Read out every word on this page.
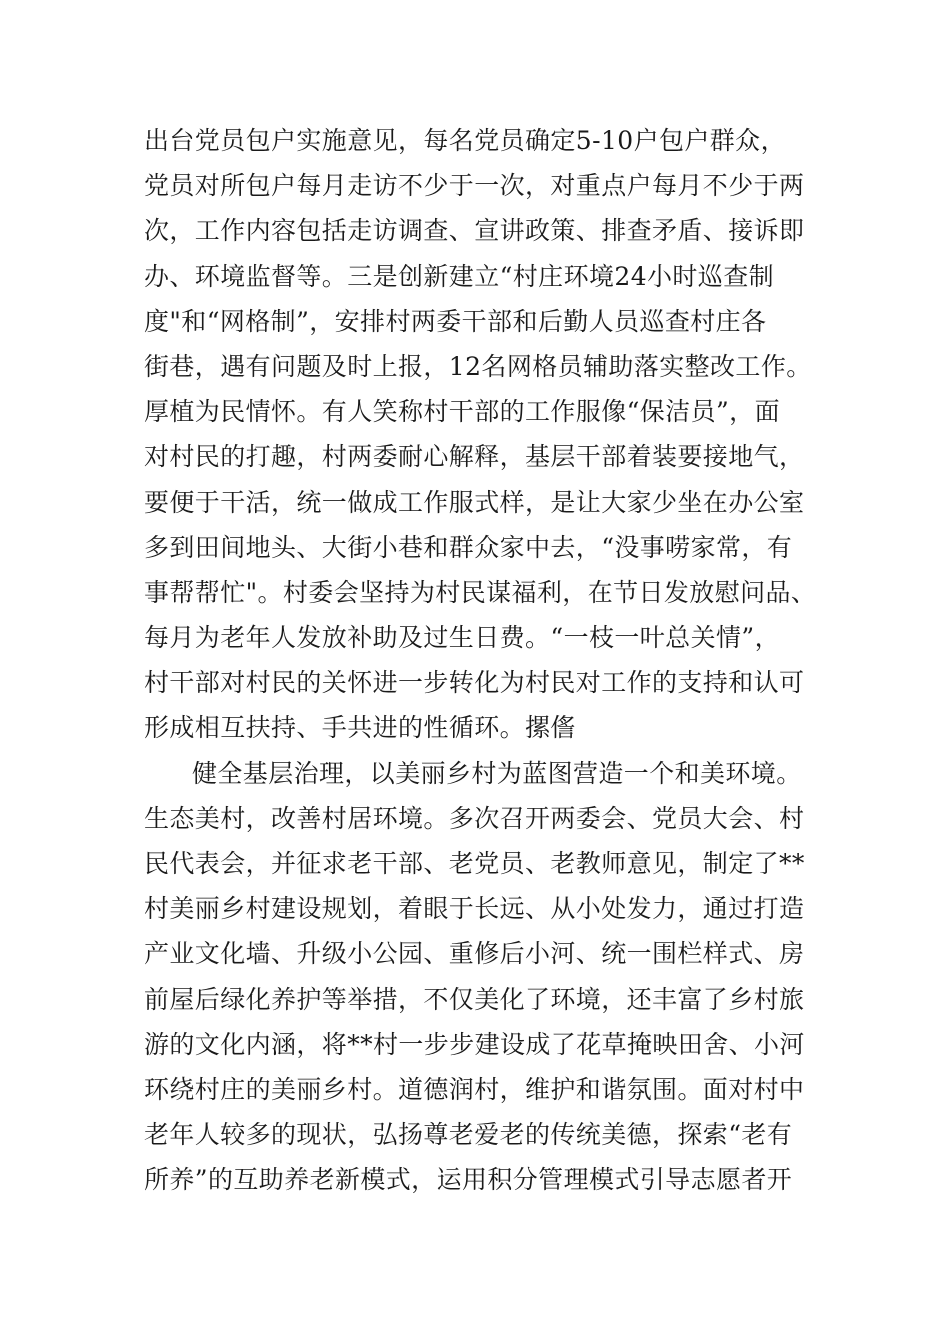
出台党员包户实施意见，每名党员确定5-10户包户群众，
党员对所包户每月走访不少于一次，对重点户每月不少于两
次，工作内容包括走访调查、宣讲政策、排查矛盾、接诉即
办、环境监督等。三是创新建立“村庄环境24小时巡查制
度"和“网格制”，安排村两委干部和后勤人员巡查村庄各
街巷，遇有问题及时上报，12名网格员辅助落实整改工作。
厚植为民情怀。有人笑称村干部的工作服像“保洁员”，面
对村民的打趣，村两委耐心解释，基层干部着装要接地气，
要便于干活，统一做成工作服式样，是让大家少坐在办公室
多到田间地头、大街小巷和群众家中去，“没事唠家常，有
事帮帮忙"。村委会坚持为村民谋福利，在节日发放慰问品、
每月为老年人发放补助及过生日费。“一枝一叶总关情”，
村干部对村民的关怀进一步转化为村民对工作的支持和认可
形成相互扶持、手共进的性循环。摞㑾
健全基层治理，以美丽乡村为蓝图营造一个和美环境。
生态美村，改善村居环境。多次召开两委会、党员大会、村
民代表会，并征求老干部、老党员、老教师意见，制定了**
村美丽乡村建设规划，着眼于长远、从小处发力，通过打造
产业文化墙、升级小公园、重修后小河、统一围栏样式、房
前屋后绿化养护等举措，不仅美化了环境，还丰富了乡村旅
游的文化内涵，将**村一步步建设成了花草掩映田舍、小河
环绕村庄的美丽乡村。道德润村，维护和谐氛围。面对村中
老年人较多的现状，弘扬尊老爱老的传统美德，探索“老有
所养”的互助养老新模式，运用积分管理模式引导志愿者开
